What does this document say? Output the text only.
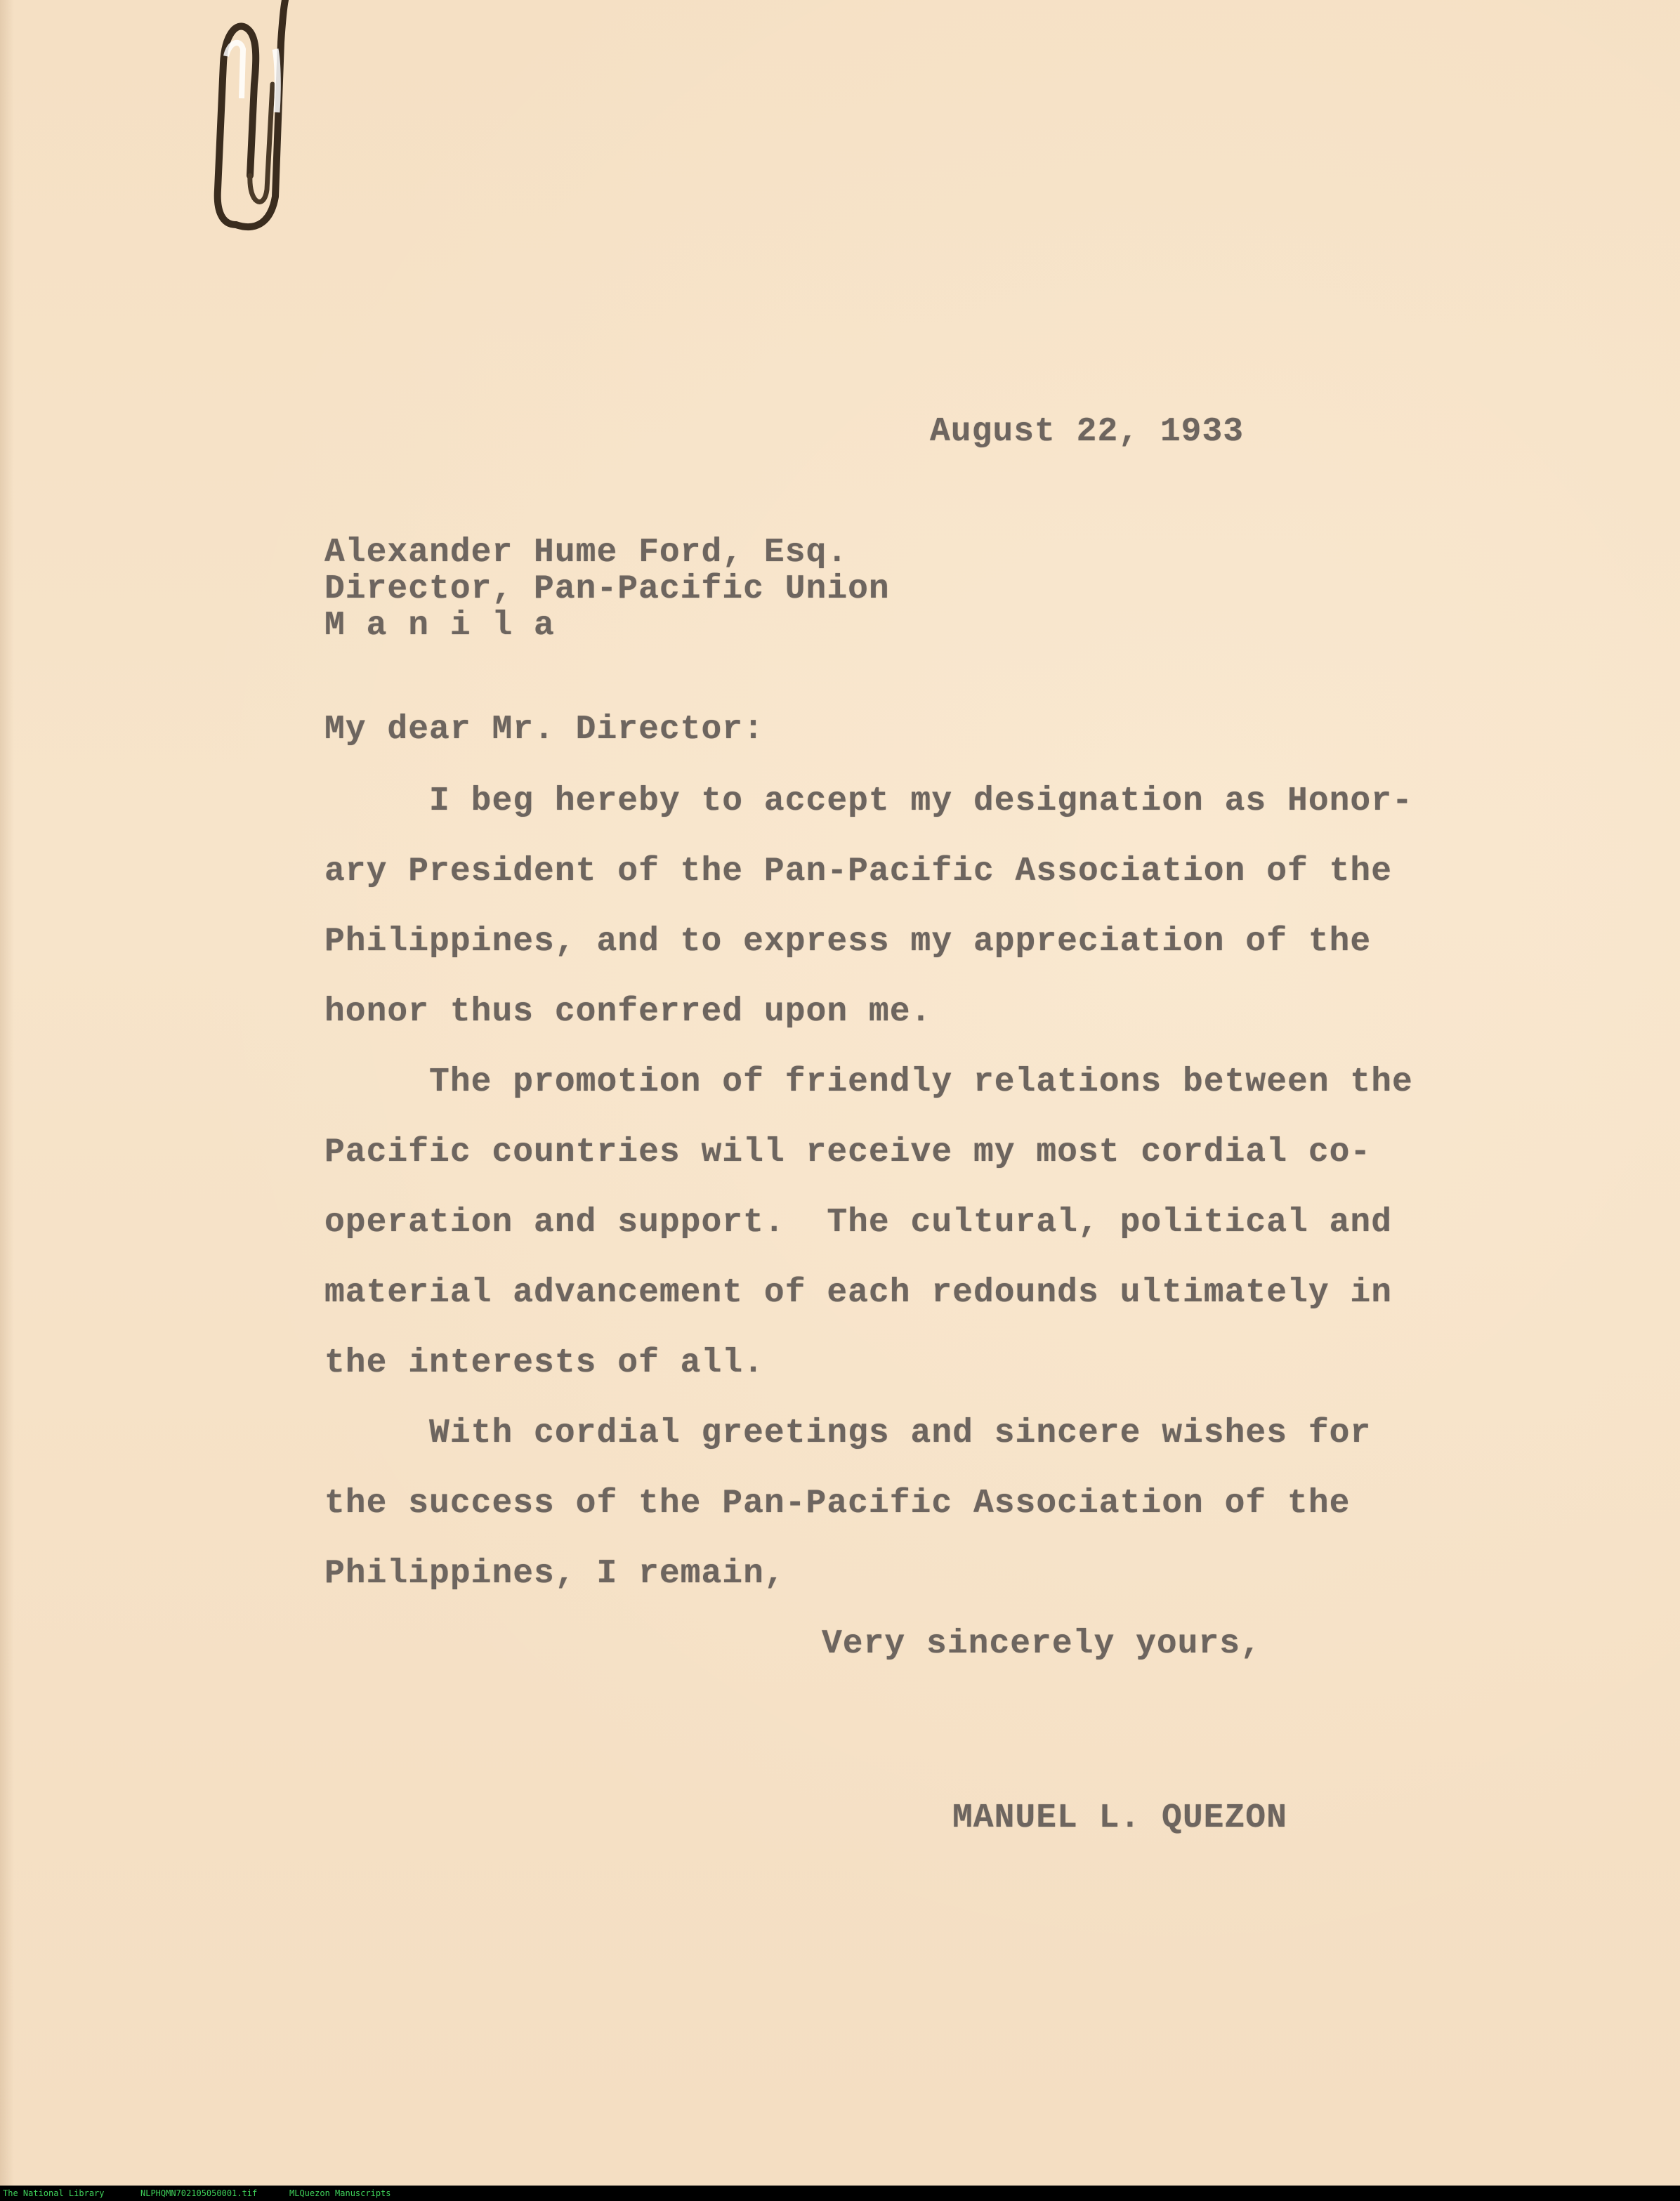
August 22, 1933
Alexander Hume Ford, Esq.
Director, Pan-Pacific Union
M a n i l a
My dear Mr. Director:
I beg hereby to accept my designation as Honor-
ary President of the Pan-Pacific Association of the
Philippines, and to express my appreciation of the
honor thus conferred upon me.
The promotion of friendly relations between the
Pacific countries will receive my most cordial co-
operation and support.  The cultural, political and
material advancement of each redounds ultimately in
the interests of all.
With cordial greetings and sincere wishes for
the success of the Pan-Pacific Association of the
Philippines, I remain,
Very sincerely yours,
MANUEL L. QUEZON
The National Library	NLPHQMN702105050001.tif	MLQuezon Manuscripts
